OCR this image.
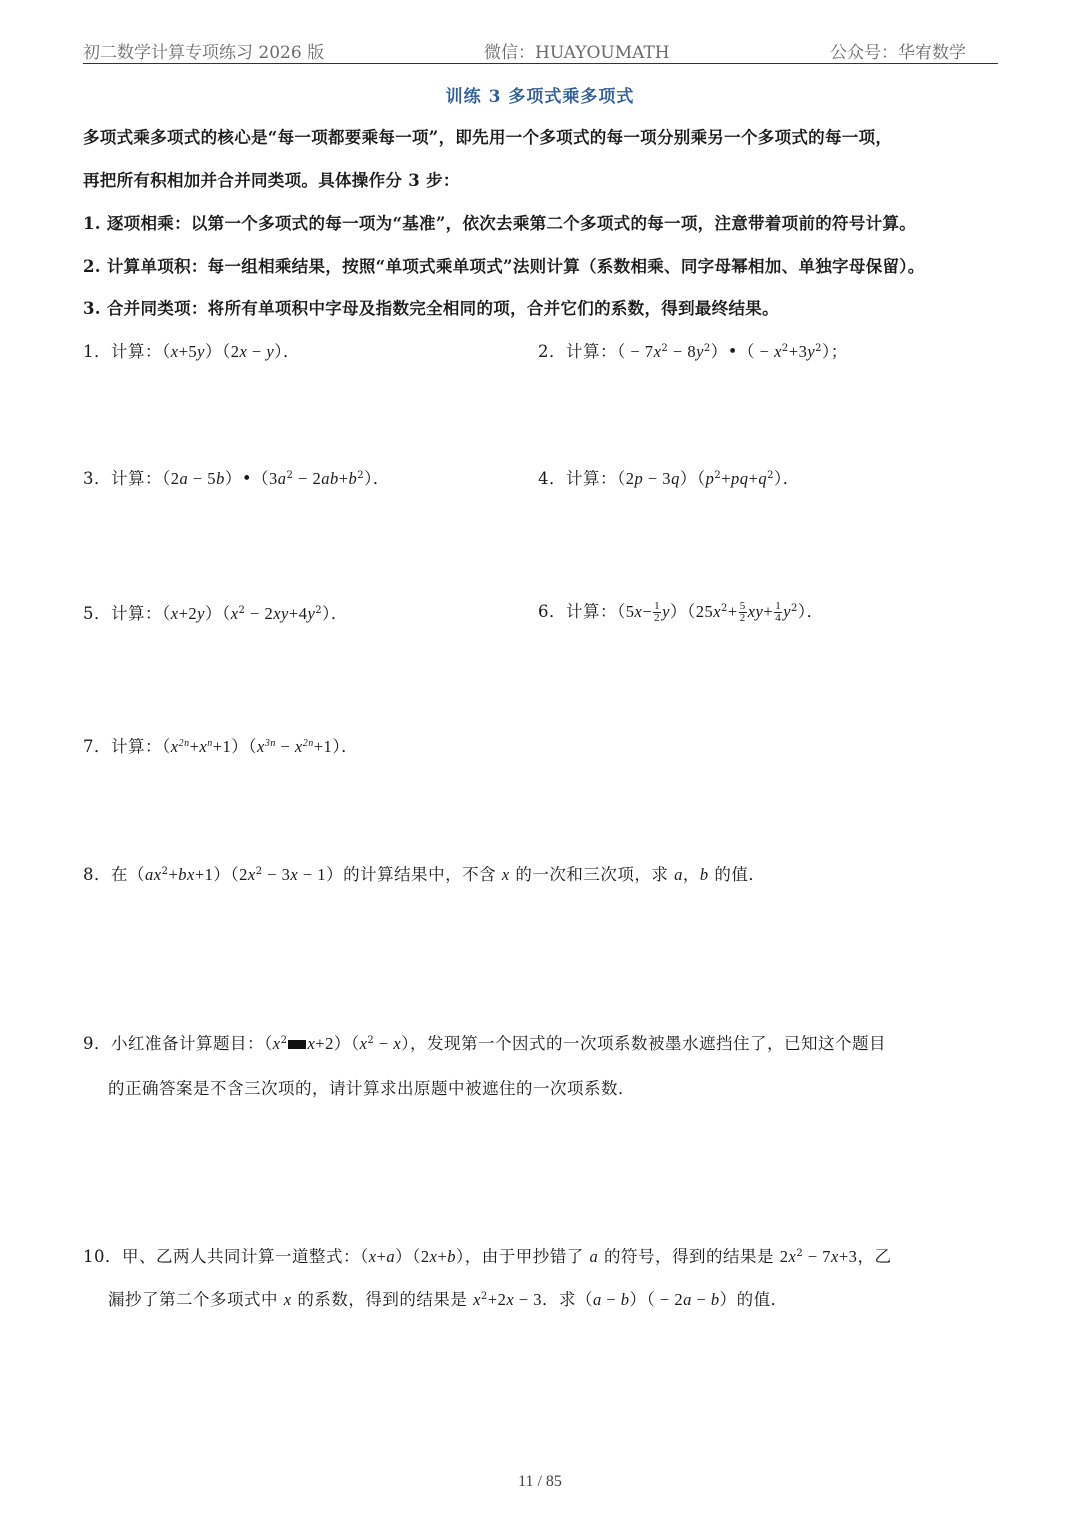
初二数学计算专项练习 2026 版	微信：HUAYOUMATH	公众号：华宥数学
训练 3 多项式乘多项式
多项式乘多项式的核心是“每一项都要乘每一项”，即先用一个多项式的每一项分别乘另一个多项式的每一项，
再把所有积相加并合并同类项。具体操作分 3 步：
1. 逐项相乘：以第一个多项式的每一项为“基准”，依次去乘第二个多项式的每一项，注意带着项前的符号计算。
2. 计算单项积：每一组相乘结果，按照“单项式乘单项式”法则计算（系数相乘、同字母幂相加、单独字母保留）。
3. 合并同类项：将所有单项积中字母及指数完全相同的项，合并它们的系数，得到最终结果。
1．计算：（x+5y）（2x − y）．	2．计算：（ − $7x^2$ − $8y^2)•( - x^2+3y^2)$；
3．计算：$(2a - 5b)•(3a^2 - 2ab+b^2)$．	4．计算：$(2p - 3q)(p^2+pq+q^2)$．
5．计算：$(x+2y)(x^2 - 2xy+4y^2)$．	6．计算：$(5x- \frac{1}{2} y)(25x^2+ \frac{5}{2} xy+ \frac{1}{4} y^2)$．
7．计算：$(x^{2n}+x^n+1)(x^{3n} - x^{2n}+1)$．
8．在$(ax^2+bx+1)(2x^2 - 3x - 1)$的计算结果中，不含 x 的一次和三次项，求 a，b 的值．
9．小红准备计算题目：（$x^2$ $x+2)(x^2 - x)$，发现第一个因式的一次项系数被墨水遮挡住了，已知这个题目
的正确答案是不含三次项的，请计算求出原题中被遮住的一次项系数．
10．甲、乙两人共同计算一道整式：（x+a）（2x+b），由于甲抄错了 a 的符号，得到的结果是 $2x^2 - 7x+3$，乙
漏抄了第二个多项式中 x 的系数，得到的结果是 $x^2+2x - 3$．求（a − b）（ − 2a − b）的值．
11 / 85
